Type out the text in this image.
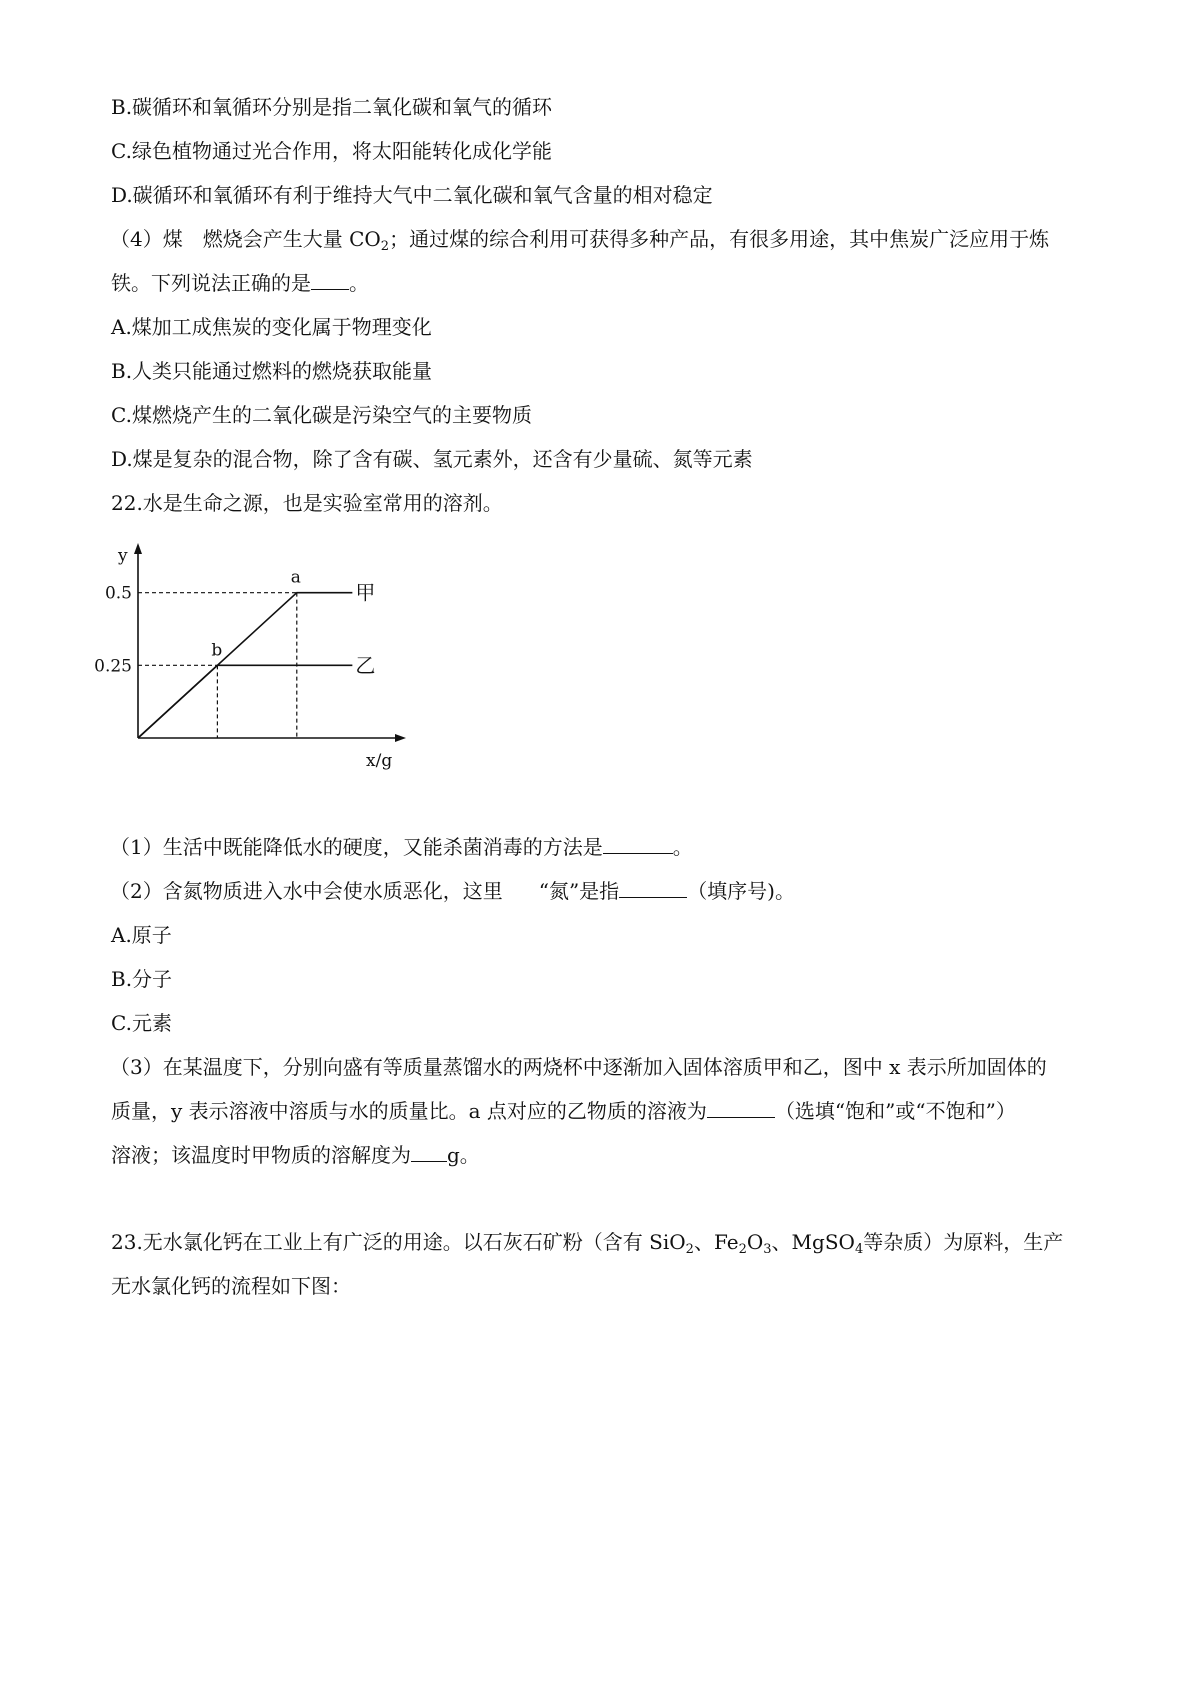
B.碳循环和氧循环分别是指二氧化碳和氧气的循环
C.绿色植物通过光合作用，将太阳能转化成化学能
D.碳循环和氧循环有利于维持大气中二氧化碳和氧气含量的相对稳定
（4）煤 燃烧会产生大量 $CO_2$；通过煤的综合利用可获得多种产品，有很多用途，其中焦炭广泛应用于炼
铁。下列说法正确的是 。
A.煤加工成焦炭的变化属于物理变化
B.人类只能通过燃料的燃烧获取能量
C.煤燃烧产生的二氧化碳是污染空气的主要物质
D.煤是复杂的混合物，除了含有碳、氢元素外，还含有少量硫、氮等元素
22.水是生命之源，也是实验室常用的溶剂。
y
x/g
0.5
0.25
a
b
甲
乙
（1）生活中既能降低水的硬度，又能杀菌消毒的方法是	。
（2）含氮物质进入水中会使水质恶化，这里 “氮”是指	（填序号)。
A.原子
B.分子
C.元素
（3）在某温度下，分别向盛有等质量蒸馏水的两烧杯中逐渐加入固体溶质甲和乙，图中 x 表示所加固体的
质量，y 表示溶液中溶质与水的质量比。a 点对应的乙物质的溶液为	（选填“饱和”或“不饱和”）
溶液；该温度时甲物质的溶解度为 g。
23.无水氯化钙在工业上有广泛的用途。以石灰石矿粉（含有 SiO$_2$、$Fe_2O_3$、MgSO$_4$等杂质）为原料，生产
无水氯化钙的流程如下图：
